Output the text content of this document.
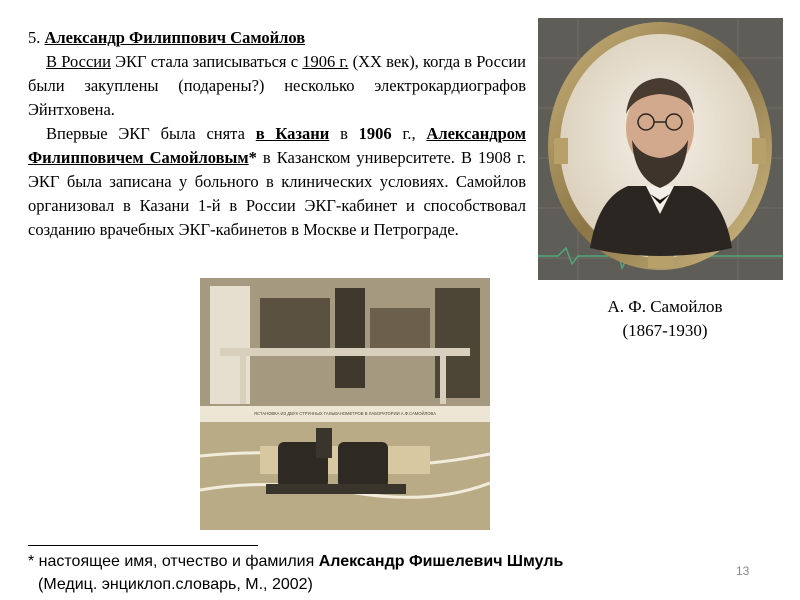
5. Александр Филиппович Самойлов

В России ЭКГ стала записываться с 1906 г. (XX век), когда в России были закуплены (подарены?) несколько электрокардиографов Эйнтховена.

Впервые ЭКГ была снята в Казани в 1906 г., Александром Филипповичем Самойловым* в Казанском университете. В 1908 г. ЭКГ была записана у больного в клинических условиях. Самойлов организовал в Казани 1-й в России ЭКГ-кабинет и способствовал созданию врачебных ЭКГ-кабинетов в Москве и Петрограде.

А. Ф. Самойлов
(1867-1930)
ЯСТАНОВКА ИЗ ДВУХ СТРУННЫХ ГАЛЬВАНОМЕТРОВ В ЛАБОРАТОРИИ А.Ф.САМОЙЛОВА
* настоящее имя, отчество и фамилия Александр Фишелевич Шмуль
(Медиц. энциклоп.словарь, М., 2002)
13
